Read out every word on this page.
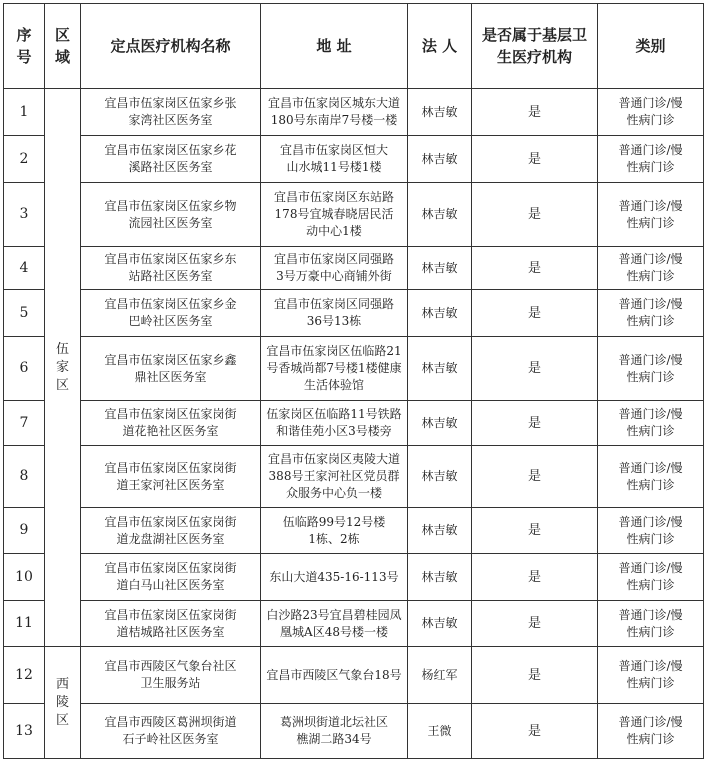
序号	区域	定点医疗机构名称	地 址	法 人	是否属于基层卫生医疗机构	类别
1	伍家区	宜昌市伍家岗区伍家乡张家湾社区医务室	宜昌市伍家岗区城东大道180号东南岸7号楼一楼	林吉敏	是	普通门诊/慢性病门诊
2		宜昌市伍家岗区伍家乡花溪路社区医务室	宜昌市伍家岗区恒大山水城11号楼1楼	林吉敏	是	普通门诊/慢性病门诊
3		宜昌市伍家岗区伍家乡物流园社区医务室	宜昌市伍家岗区东站路178号宜城春晓居民活动中心1楼	林吉敏	是	普通门诊/慢性病门诊
4		宜昌市伍家岗区伍家乡东站路社区医务室	宜昌市伍家岗区同强路3号万豪中心商铺外街	林吉敏	是	普通门诊/慢性病门诊
5		宜昌市伍家岗区伍家乡金巴岭社区医务室	宜昌市伍家岗区同强路36号13栋	林吉敏	是	普通门诊/慢性病门诊
6		宜昌市伍家岗区伍家乡鑫鼎社区医务室	宜昌市伍家岗区伍临路21号香城尚都7号楼1楼健康生活体验馆	林吉敏	是	普通门诊/慢性病门诊
7		宜昌市伍家岗区伍家岗街道花艳社区医务室	伍家岗区伍临路11号铁路和谐佳苑小区3号楼旁	林吉敏	是	普通门诊/慢性病门诊
8		宜昌市伍家岗区伍家岗街道王家河社区医务室	宜昌市伍家岗区夷陵大道388号王家河社区党员群众服务中心负一楼	林吉敏	是	普通门诊/慢性病门诊
9		宜昌市伍家岗区伍家岗街道龙盘湖社区医务室	伍临路99号12号楼1栋、2栋	林吉敏	是	普通门诊/慢性病门诊
10		宜昌市伍家岗区伍家岗街道白马山社区医务室	东山大道435-16-113号	林吉敏	是	普通门诊/慢性病门诊
11		宜昌市伍家岗区伍家岗街道桔城路社区医务室	白沙路23号宜昌碧桂园凤凰城A区48号楼一楼	林吉敏	是	普通门诊/慢性病门诊
12	西陵区	宜昌市西陵区气象台社区卫生服务站	宜昌市西陵区气象台18号	杨红军	是	普通门诊/慢性病门诊
13		宜昌市西陵区葛洲坝街道石子岭社区医务室	葛洲坝街道北坛社区樵湖二路34号	王微	是	普通门诊/慢性病门诊
